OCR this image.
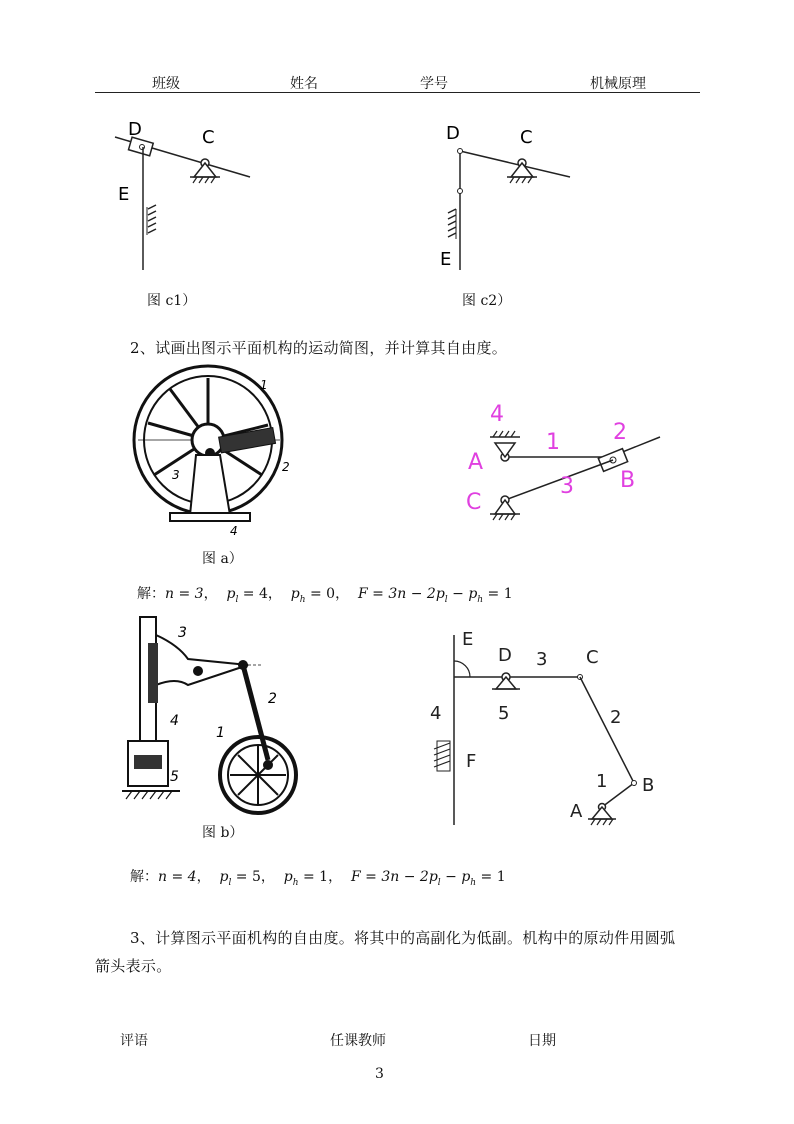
班级	姓名	学号	机械原理
D	C
E
图 c1）
D	C
E
图 c2）
2、试画出图示平面机构的运动简图，并计算其自由度。
1
2
3
4
图 a）
4
1 2
A
B
C
3
解：n = 3， $p_l = 4$， $p_h = 0$， $F = 3n - 2p_l - p_h = 1$
3
2
4
1
5
图 b）
E
D 3 C
4	5	2
F
1 B
A
解：n = 4， $p_l = 5$， $p_h = 1$， $F = 3n - 2p_l - p_h = 1$
3、计算图示平面机构的自由度。将其中的高副化为低副。机构中的原动件用圆弧
箭头表示。
评语	任课教师	日期
3
